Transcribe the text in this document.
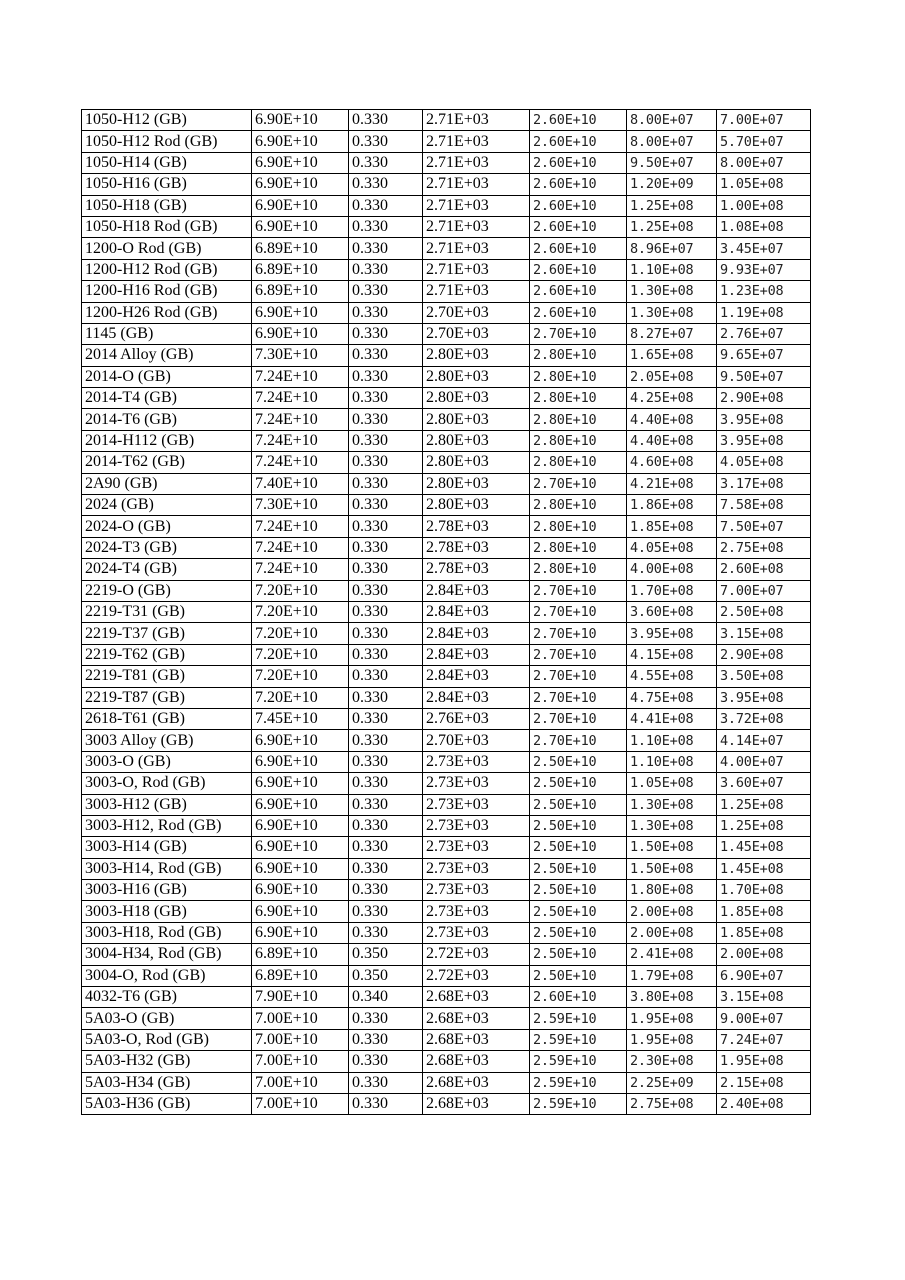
1050-H12 (GB)	6.90E+10	0.330	2.71E+03	2.60E+10	8.00E+07	7.00E+07
1050-H12 Rod (GB)	6.90E+10	0.330	2.71E+03	2.60E+10	8.00E+07	5.70E+07
1050-H14 (GB)	6.90E+10	0.330	2.71E+03	2.60E+10	9.50E+07	8.00E+07
1050-H16 (GB)	6.90E+10	0.330	2.71E+03	2.60E+10	1.20E+09	1.05E+08
1050-H18 (GB)	6.90E+10	0.330	2.71E+03	2.60E+10	1.25E+08	1.00E+08
1050-H18 Rod (GB)	6.90E+10	0.330	2.71E+03	2.60E+10	1.25E+08	1.08E+08
1200-O Rod (GB)	6.89E+10	0.330	2.71E+03	2.60E+10	8.96E+07	3.45E+07
1200-H12 Rod (GB)	6.89E+10	0.330	2.71E+03	2.60E+10	1.10E+08	9.93E+07
1200-H16 Rod (GB)	6.89E+10	0.330	2.71E+03	2.60E+10	1.30E+08	1.23E+08
1200-H26 Rod (GB)	6.90E+10	0.330	2.70E+03	2.60E+10	1.30E+08	1.19E+08
1145 (GB)	6.90E+10	0.330	2.70E+03	2.70E+10	8.27E+07	2.76E+07
2014 Alloy (GB)	7.30E+10	0.330	2.80E+03	2.80E+10	1.65E+08	9.65E+07
2014-O (GB)	7.24E+10	0.330	2.80E+03	2.80E+10	2.05E+08	9.50E+07
2014-T4 (GB)	7.24E+10	0.330	2.80E+03	2.80E+10	4.25E+08	2.90E+08
2014-T6 (GB)	7.24E+10	0.330	2.80E+03	2.80E+10	4.40E+08	3.95E+08
2014-H112 (GB)	7.24E+10	0.330	2.80E+03	2.80E+10	4.40E+08	3.95E+08
2014-T62 (GB)	7.24E+10	0.330	2.80E+03	2.80E+10	4.60E+08	4.05E+08
2A90 (GB)	7.40E+10	0.330	2.80E+03	2.70E+10	4.21E+08	3.17E+08
2024 (GB)	7.30E+10	0.330	2.80E+03	2.80E+10	1.86E+08	7.58E+08
2024-O (GB)	7.24E+10	0.330	2.78E+03	2.80E+10	1.85E+08	7.50E+07
2024-T3 (GB)	7.24E+10	0.330	2.78E+03	2.80E+10	4.05E+08	2.75E+08
2024-T4 (GB)	7.24E+10	0.330	2.78E+03	2.80E+10	4.00E+08	2.60E+08
2219-O (GB)	7.20E+10	0.330	2.84E+03	2.70E+10	1.70E+08	7.00E+07
2219-T31 (GB)	7.20E+10	0.330	2.84E+03	2.70E+10	3.60E+08	2.50E+08
2219-T37 (GB)	7.20E+10	0.330	2.84E+03	2.70E+10	3.95E+08	3.15E+08
2219-T62 (GB)	7.20E+10	0.330	2.84E+03	2.70E+10	4.15E+08	2.90E+08
2219-T81 (GB)	7.20E+10	0.330	2.84E+03	2.70E+10	4.55E+08	3.50E+08
2219-T87 (GB)	7.20E+10	0.330	2.84E+03	2.70E+10	4.75E+08	3.95E+08
2618-T61 (GB)	7.45E+10	0.330	2.76E+03	2.70E+10	4.41E+08	3.72E+08
3003 Alloy (GB)	6.90E+10	0.330	2.70E+03	2.70E+10	1.10E+08	4.14E+07
3003-O (GB)	6.90E+10	0.330	2.73E+03	2.50E+10	1.10E+08	4.00E+07
3003-O, Rod (GB)	6.90E+10	0.330	2.73E+03	2.50E+10	1.05E+08	3.60E+07
3003-H12 (GB)	6.90E+10	0.330	2.73E+03	2.50E+10	1.30E+08	1.25E+08
3003-H12, Rod (GB)	6.90E+10	0.330	2.73E+03	2.50E+10	1.30E+08	1.25E+08
3003-H14 (GB)	6.90E+10	0.330	2.73E+03	2.50E+10	1.50E+08	1.45E+08
3003-H14, Rod (GB)	6.90E+10	0.330	2.73E+03	2.50E+10	1.50E+08	1.45E+08
3003-H16 (GB)	6.90E+10	0.330	2.73E+03	2.50E+10	1.80E+08	1.70E+08
3003-H18 (GB)	6.90E+10	0.330	2.73E+03	2.50E+10	2.00E+08	1.85E+08
3003-H18, Rod (GB)	6.90E+10	0.330	2.73E+03	2.50E+10	2.00E+08	1.85E+08
3004-H34, Rod (GB)	6.89E+10	0.350	2.72E+03	2.50E+10	2.41E+08	2.00E+08
3004-O, Rod (GB)	6.89E+10	0.350	2.72E+03	2.50E+10	1.79E+08	6.90E+07
4032-T6 (GB)	7.90E+10	0.340	2.68E+03	2.60E+10	3.80E+08	3.15E+08
5A03-O (GB)	7.00E+10	0.330	2.68E+03	2.59E+10	1.95E+08	9.00E+07
5A03-O, Rod (GB)	7.00E+10	0.330	2.68E+03	2.59E+10	1.95E+08	7.24E+07
5A03-H32 (GB)	7.00E+10	0.330	2.68E+03	2.59E+10	2.30E+08	1.95E+08
5A03-H34 (GB)	7.00E+10	0.330	2.68E+03	2.59E+10	2.25E+09	2.15E+08
5A03-H36 (GB)	7.00E+10	0.330	2.68E+03	2.59E+10	2.75E+08	2.40E+08
